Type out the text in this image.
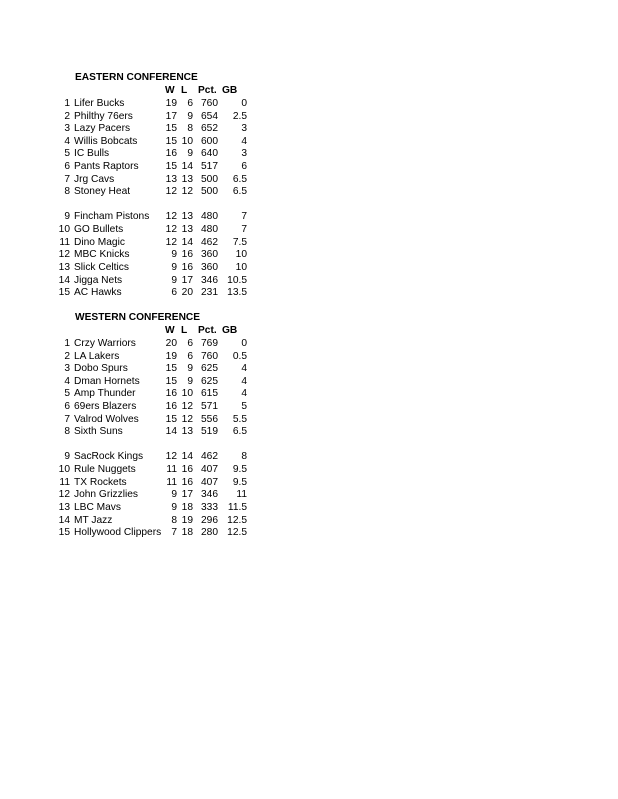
EASTERN CONFERENCE
W L Pct. GB
1 Lifer Bucks	19	6 760	0
2 Philthy 76ers	17	9 654	2.5
3 Lazy Pacers	15	8 652	3
4 Willis Bobcats	15 10 600	4
5 IC Bulls	16	9 640	3
6 Pants Raptors	15 14 517	6
7 Jrg Cavs	13 13 500	6.5
8 Stoney Heat	12 12 500	6.5
9 Fincham Pistons	12 13 480	7
10 GO Bullets	12 13 480	7
11 Dino Magic	12 14 462	7.5
12 MBC Knicks	9 16 360	10
13 Slick Celtics	9 16 360	10
14 Jigga Nets	9 17 346 10.5
15 AC Hawks	6 20 231 13.5
WESTERN CONFERENCE
W L Pct. GB
1 Crzy Warriors	20	6 769	0
2 LA Lakers	19	6 760	0.5
3 Dobo Spurs	15	9 625	4
4 Dman Hornets	15	9 625	4
5 Amp Thunder	16 10 615	4
6 69ers Blazers	16 12 571	5
7 Valrod Wolves	15 12 556	5.5
8 Sixth Suns	14 13 519	6.5
9 SacRock Kings	12 14 462	8
10 Rule Nuggets	11 16 407	9.5
11 TX Rockets	11 16 407	9.5
12 John Grizzlies	9 17 346	11
13 LBC Mavs	9 18 333 11.5
14 MT Jazz	8 19 296 12.5
15 Hollywood Clippers 7 18 280 12.5
